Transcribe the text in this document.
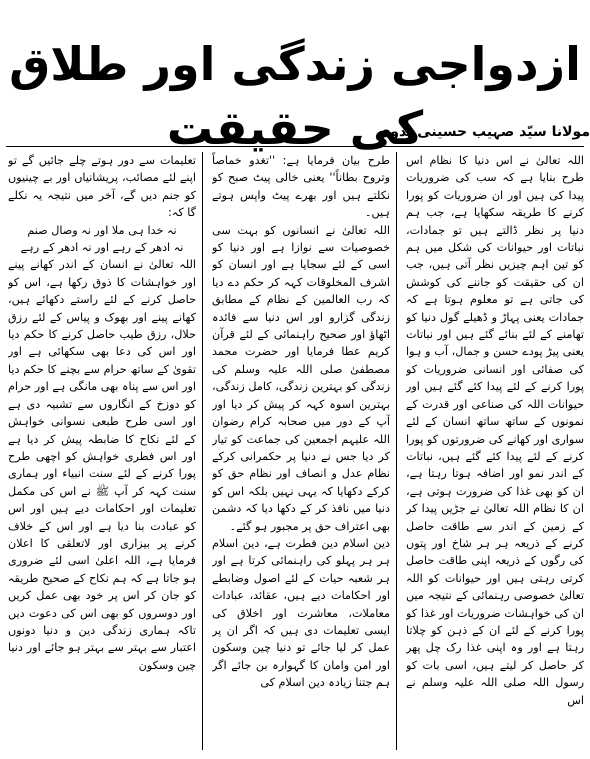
ازدواجی زندگی اور طلاق کی حقیقت
مولانا سیّد صہیب حسینی ندوی

اللہ تعالیٰ نے اس دنیا کا نظام اس طرح بنایا ہے کہ سب کی ضروریات پیدا کی ہیں اور ان ضروریات کو پورا کرنے کا طریقہ سکھایا ہے، جب ہم دنیا پر نظر ڈالتے ہیں تو جمادات، نباتات اور حیوانات کی شکل میں ہم کو تین اہم چیزیں نظر آتی ہیں، جب ان کی حقیقت کو جاننے کی کوشش کی جاتی ہے تو معلوم ہوتا ہے کہ جمادات یعنی پہاڑ و ڈھیلے گول دنیا کو تھامنے کے لئے بنائے گئے ہیں اور نباتات یعنی پیڑ پودے حسن و جمال، آب و ہوا کی صفائی اور انسانی ضروریات کو پورا کرنے کے لئے پیدا کئے گئے ہیں اور حیوانات اللہ کی صناعی اور قدرت کے نمونوں کے ساتھ ساتھ انسان کے لئے سواری اور کھانے کی ضرورتوں کو پورا کرنے کے لئے پیدا کئے گئے ہیں، نباتات کے اندر نمو اور اضافہ ہوتا رہتا ہے، ان کو بھی غذا کی ضرورت ہوتی ہے، ان کا نظام اللہ تعالیٰ نے جڑیں پیدا کر کے زمین کے اندر سے طاقت حاصل کرنے کے ذریعہ ہر ہر شاخ اور پتوں کی رگوں کے ذریعہ اپنی طاقت حاصل کرتی رہتی ہیں اور حیوانات کو اللہ تعالیٰ خصوصی رہنمائی کے نتیجہ میں ان کی خواہشات ضروریات اور غذا کو پورا کرنے کے لئے ان کے ذہن کو چلاتا رہتا ہے اور وہ اپنی غذا رک چل پھر کر حاصل کر لیتے ہیں، اسی بات کو رسول اللہ صلی اللہ علیہ وسلم نے اس

طرح بیان فرمایا ہے: ''تغدو خماصاً وتروح بطاناً'' یعنی خالی پیٹ صبح کو نکلتے ہیں اور بھرے پیٹ واپس ہوتے ہیں۔

اللہ تعالیٰ نے انسانوں کو بہت سی خصوصیات سے نوازا ہے اور دنیا کو اسی کے لئے سجایا ہے اور انسان کو اشرف المخلوقات کہہ کر حکم دے دیا کہ رب العالمین کے نظام کے مطابق زندگی گزارو اور اس دنیا سے فائدہ اٹھاؤ اور صحیح راہنمائی کے لئے قرآن کریم عطا فرمایا اور حضرت محمد مصطفیٰ صلی اللہ علیہ وسلم کی زندگی کو بہترین زندگی، کامل زندگی، بہترین اسوہ کہہ کر پیش کر دیا اور آپ کے دور میں صحابہ کرام رضوان اللہ علیہم اجمعین کی جماعت کو تیار کر دیا جس نے دنیا پر حکمرانی کرکے نظام عدل و انصاف اور نظام حق کو کرکے دکھایا کہ یہی نہیں بلکہ اس کو دنیا میں نافذ کر کے دکھا دیا کہ دشمن بھی اعتراف حق پر مجبور ہو گئے۔

دین اسلام دین فطرت ہے، دین اسلام ہر ہر پہلو کی راہنمائی کرتا ہے اور ہر شعبہ حیات کے لئے اصول وضابطے اور احکامات دیے ہیں، عقائد، عبادات معاملات، معاشرت اور اخلاق کی ایسی تعلیمات دی ہیں کہ اگر ان پر عمل کر لیا جائے تو دنیا چین وسکون اور امن وامان کا گہوارہ بن جائے اگر ہم جتنا زیادہ دین اسلام کی

تعلیمات سے دور ہوتے چلے جائیں گے تو اپنے لئے مصائب، پریشانیاں اور بے چینیوں کو جنم دیں گے، آخر میں نتیجہ یہ نکلے گا کہ:

نہ خدا ہی ملا اور نہ وصال صنم

نہ ادھر کے رہے اور نہ ادھر کے رہے

اللہ تعالیٰ نے انسان کے اندر کھانے پینے اور خواہشات کا ذوق رکھا ہے، اس کو حاصل کرنے کے لئے راستے دکھائے ہیں، کھانے پینے اور بھوک و پیاس کے لئے رزق حلال، رزق طیب حاصل کرنے کا حکم دیا اور اس کی دعا بھی سکھائی ہے اور تقویٰ کے ساتھ حرام سے بچنے کا حکم دیا اور اس سے پناہ بھی مانگی ہے اور حرام کو دوزخ کے انگاروں سے تشبیہ دی ہے اور اسی طرح طبعی نسوانی خواہش کے لئے نکاح کا ضابطہ پیش کر دیا ہے اور اس فطری خواہش کو اچھی طرح پورا کرنے کے لئے سنت انبیاء اور ہماری سنت کہہ کر آپ ﷺ نے اس کی مکمل تعلیمات اور احکامات دیے ہیں اور اس کو عبادت بنا دیا ہے اور اس کے خلاف کرنے پر بیزاری اور لاتعلقی کا اعلان فرمایا ہے، اللہ اعلیٰ اسی لئے ضروری ہو جاتا ہے کہ ہم نکاح کے صحیح طریقہ کو جان کر اس پر خود بھی عمل کریں اور دوسروں کو بھی اس کی دعوت دیں تاکہ ہماری زندگی دین و دنیا دونوں اعتبار سے بہتر سے بہتر ہو جائے اور دنیا چین وسکون
